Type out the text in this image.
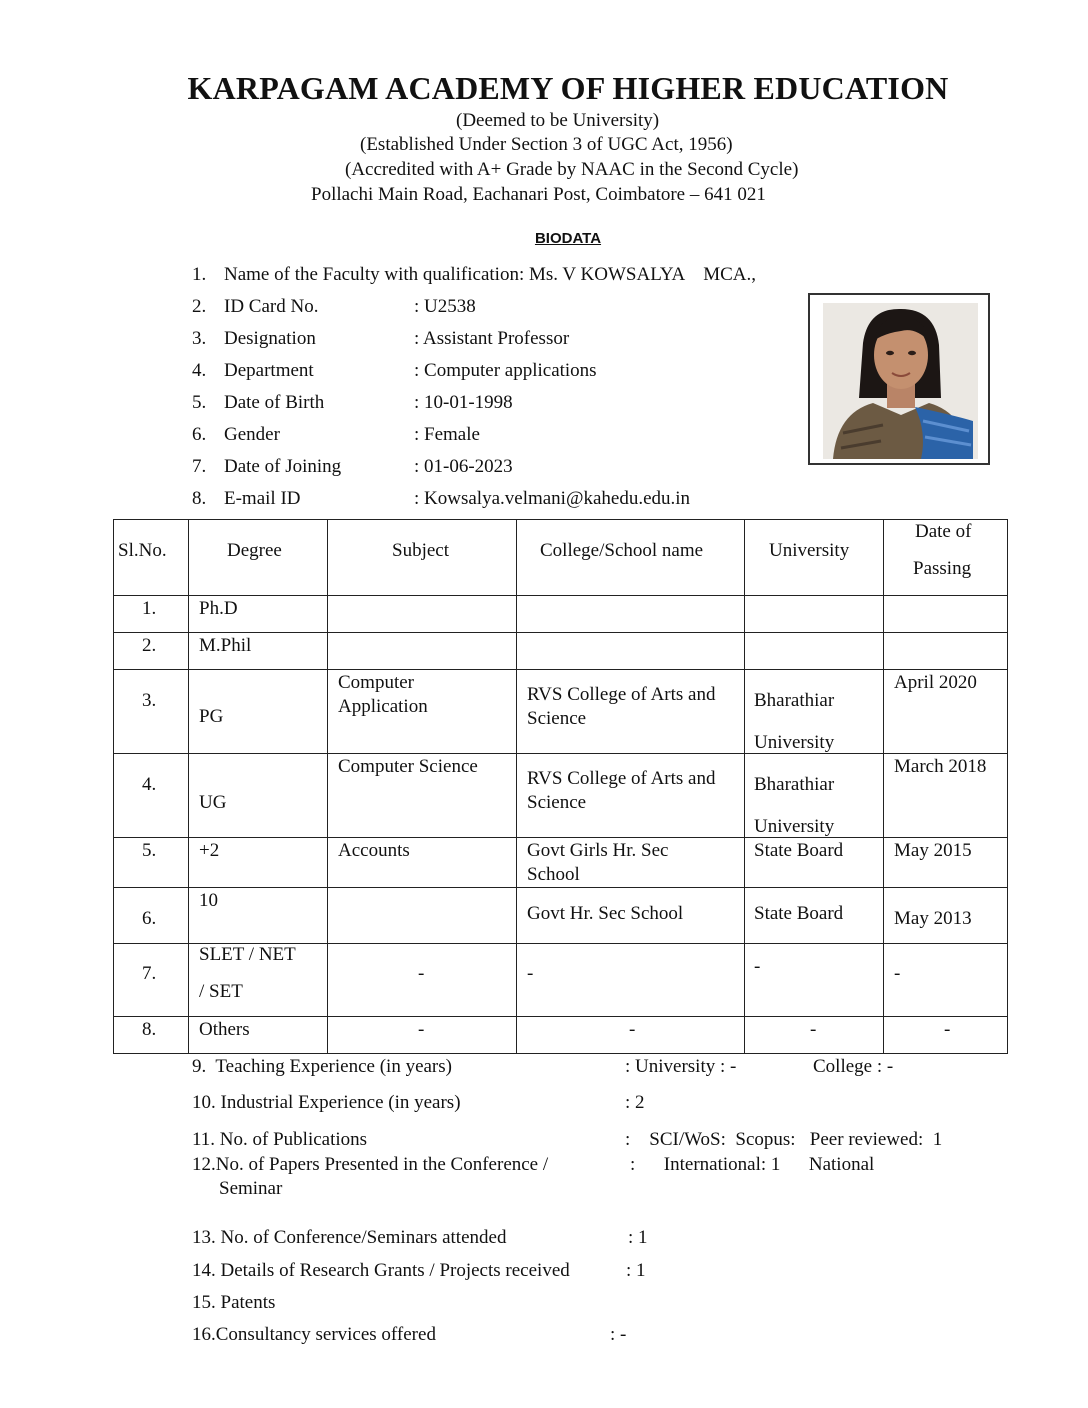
KARPAGAM ACADEMY OF HIGHER EDUCATION
(Deemed to be University)
(Established Under Section 3 of UGC Act, 1956)
(Accredited with A+ Grade by NAAC in the Second Cycle)
Pollachi Main Road, Eachanari Post, Coimbatore – 641 021
BIODATA
1. Name of the Faculty with qualification: Ms. V KOWSALYA    MCA.,
2. ID Card No.	: U2538
3. Designation	: Assistant Professor
4. Department	: Computer applications
5. Date of Birth	: 10-01-1998
6. Gender	: Female
7. Date of Joining	: 01-06-2023
8. E-mail ID	: Kowsalya.velmani@kahedu.edu.in
Sl.No.	Degree	Subject	College/School name	University	Date of
Passing

1.	Ph.D				

2.	M.Phil				

3.	PG	Computer
Application	RVS College of Arts and
Science	Bharathiar
University	April 2020

4.	UG	Computer Science	RVS College of Arts and
Science	Bharathiar
University	March 2018

5.	+2	Accounts	Govt Girls Hr. Sec
School	State Board	May 2015

6.	10		Govt Hr. Sec School	State Board	May 2013

7.	SLET / NET
/ SET	-	-	-	-

8.	Others	-	-	-	-
9.  Teaching Experience (in years)	: University : -	College : -
10. Industrial Experience (in years)	: 2
11. No. of Publications	:    SCI/WoS:  Scopus:   Peer reviewed:  1
12.No. of Papers Presented in the Conference /
Seminar
:      International: 1      National
13. No. of Conference/Seminars attended	: 1
14. Details of Research Grants / Projects received	: 1
15. Patents
16.Consultancy services offered	: -
